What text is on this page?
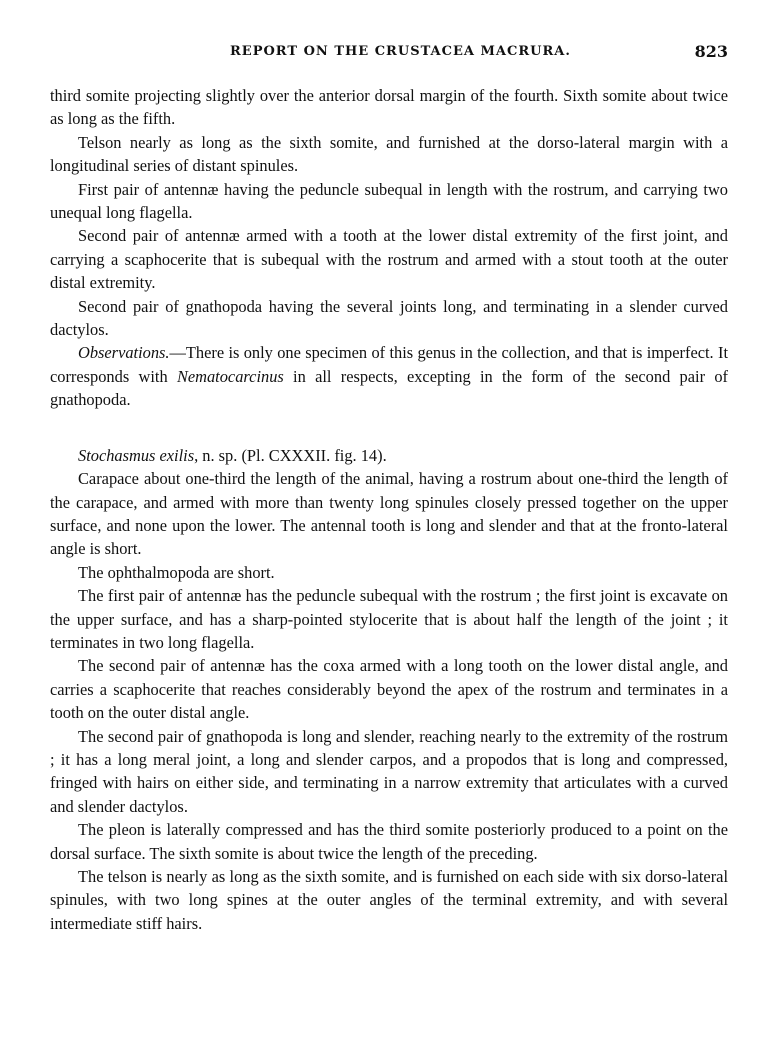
REPORT ON THE CRUSTACEA MACRURA.	823

third somite projecting slightly over the anterior dorsal margin of the fourth. Sixth somite about twice as long as the fifth.

Telson nearly as long as the sixth somite, and furnished at the dorso-lateral margin with a longitudinal series of distant spinules.

First pair of antennæ having the peduncle subequal in length with the rostrum, and carrying two unequal long flagella.

Second pair of antennæ armed with a tooth at the lower distal extremity of the first joint, and carrying a scaphocerite that is subequal with the rostrum and armed with a stout tooth at the outer distal extremity.

Second pair of gnathopoda having the several joints long, and terminating in a slender curved dactylos.

Observations.—There is only one specimen of this genus in the collection, and that is imperfect. It corresponds with Nematocarcinus in all respects, excepting in the form of the second pair of gnathopoda.

Stochasmus exilis, n. sp. (Pl. CXXXII. fig. 14).

Carapace about one-third the length of the animal, having a rostrum about one-third the length of the carapace, and armed with more than twenty long spinules closely pressed together on the upper surface, and none upon the lower. The antennal tooth is long and slender and that at the fronto-lateral angle is short.

The ophthalmopoda are short.

The first pair of antennæ has the peduncle subequal with the rostrum ; the first joint is excavate on the upper surface, and has a sharp-pointed stylocerite that is about half the length of the joint ; it terminates in two long flagella.

The second pair of antennæ has the coxa armed with a long tooth on the lower distal angle, and carries a scaphocerite that reaches considerably beyond the apex of the rostrum and terminates in a tooth on the outer distal angle.

The second pair of gnathopoda is long and slender, reaching nearly to the extremity of the rostrum ; it has a long meral joint, a long and slender carpos, and a propodos that is long and compressed, fringed with hairs on either side, and terminating in a narrow extremity that articulates with a curved and slender dactylos.

The pleon is laterally compressed and has the third somite posteriorly produced to a point on the dorsal surface. The sixth somite is about twice the length of the preceding.

The telson is nearly as long as the sixth somite, and is furnished on each side with six dorso-lateral spinules, with two long spines at the outer angles of the terminal extremity, and with several intermediate stiff hairs.
